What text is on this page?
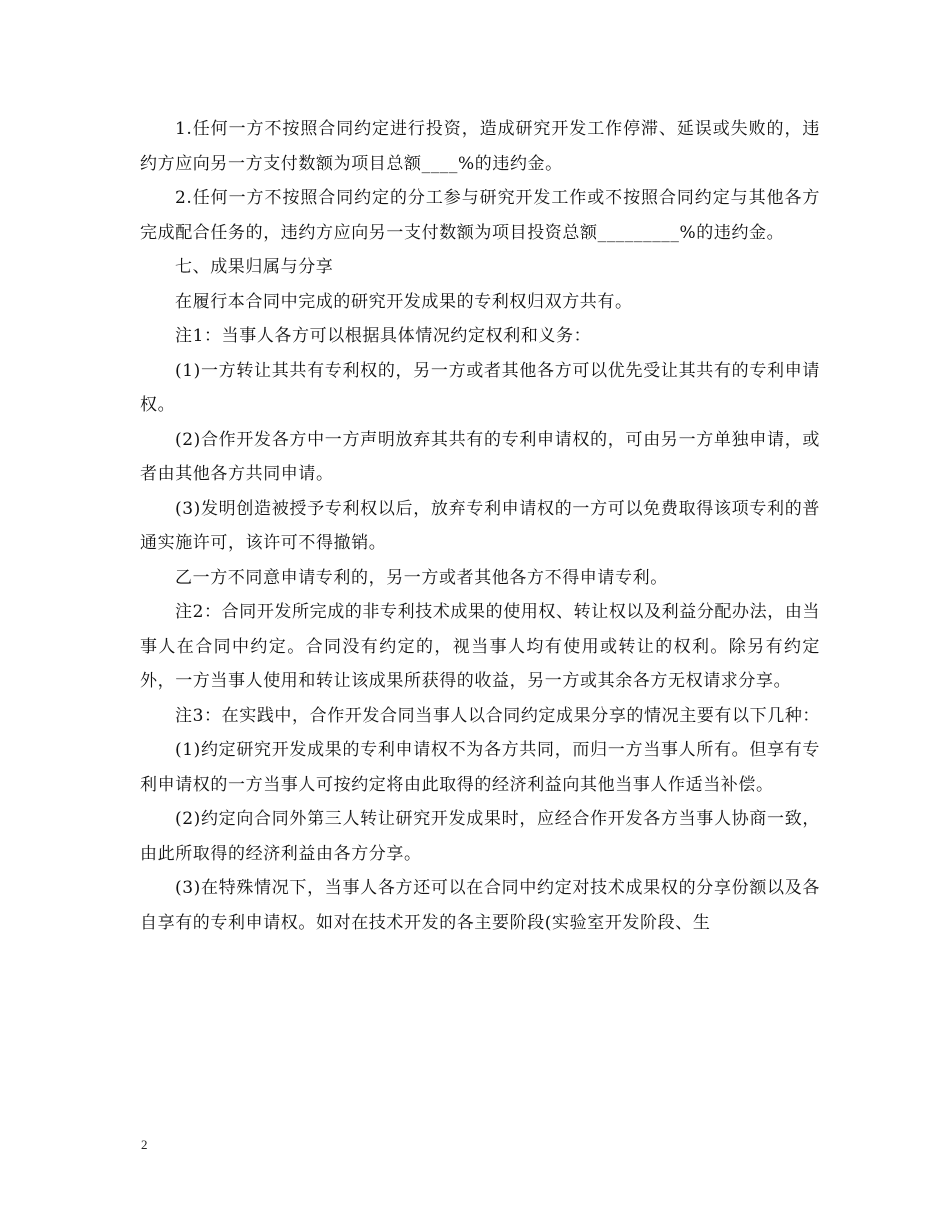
1.任何一方不按照合同约定进行投资，造成研究开发工作停滞、延误或失败的，违约方应向另一方支付数额为项目总额____%的违约金。

2.任何一方不按照合同约定的分工参与研究开发工作或不按照合同约定与其他各方完成配合任务的，违约方应向另一支付数额为项目投资总额_________%的违约金。

七、成果归属与分享

在履行本合同中完成的研究开发成果的专利权归双方共有。

注1：当事人各方可以根据具体情况约定权利和义务：

(1)一方转让其共有专利权的，另一方或者其他各方可以优先受让其共有的专利申请权。

(2)合作开发各方中一方声明放弃其共有的专利申请权的，可由另一方单独申请，或者由其他各方共同申请。

(3)发明创造被授予专利权以后，放弃专利申请权的一方可以免费取得该项专利的普通实施许可，该许可不得撤销。

乙一方不同意申请专利的，另一方或者其他各方不得申请专利。

注2：合同开发所完成的非专利技术成果的使用权、转让权以及利益分配办法，由当事人在合同中约定。合同没有约定的，视当事人均有使用或转让的权利。除另有约定外，一方当事人使用和转让该成果所获得的收益，另一方或其余各方无权请求分享。

注3：在实践中，合作开发合同当事人以合同约定成果分享的情况主要有以下几种：

(1)约定研究开发成果的专利申请权不为各方共同，而归一方当事人所有。但享有专利申请权的一方当事人可按约定将由此取得的经济利益向其他当事人作适当补偿。

(2)约定向合同外第三人转让研究开发成果时，应经合作开发各方当事人协商一致，由此所取得的经济利益由各方分享。

(3)在特殊情况下，当事人各方还可以在合同中约定对技术成果权的分享份额以及各自享有的专利申请权。如对在技术开发的各主要阶段(实验室开发阶段、生

2
